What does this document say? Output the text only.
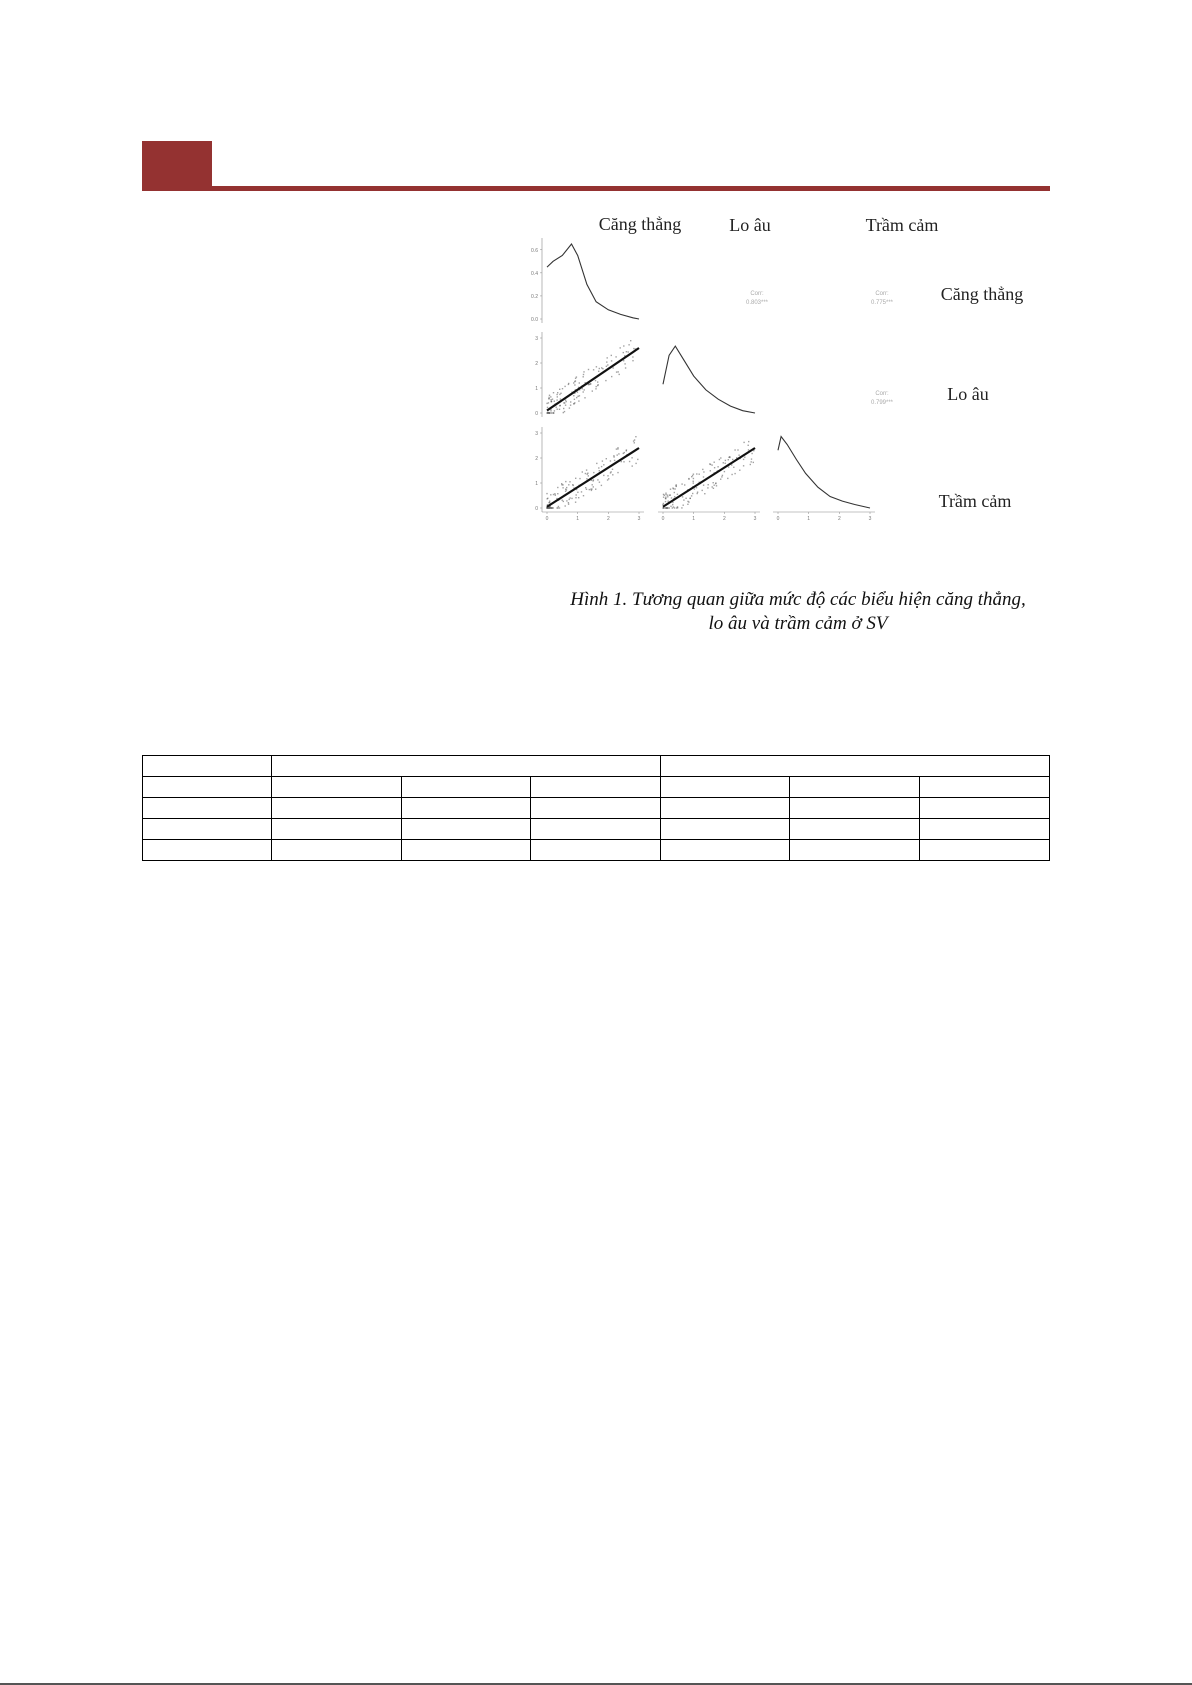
Căng thẳng	Lo âu	Trầm cảm
Căng thẳng
Lo âu
Trầm cảm
Corr:
0.803***
Corr:
0.775***
Corr:
0.799***
0.6
0.4
0.2
0.0
3
2
1
0
3
2
1
0
0	1	2	3	0	1	2	3	0	1	2	3
Hình 1. Tương quan giữa mức độ các biểu hiện căng thẳng,
lo âu và trầm cảm ở SV
